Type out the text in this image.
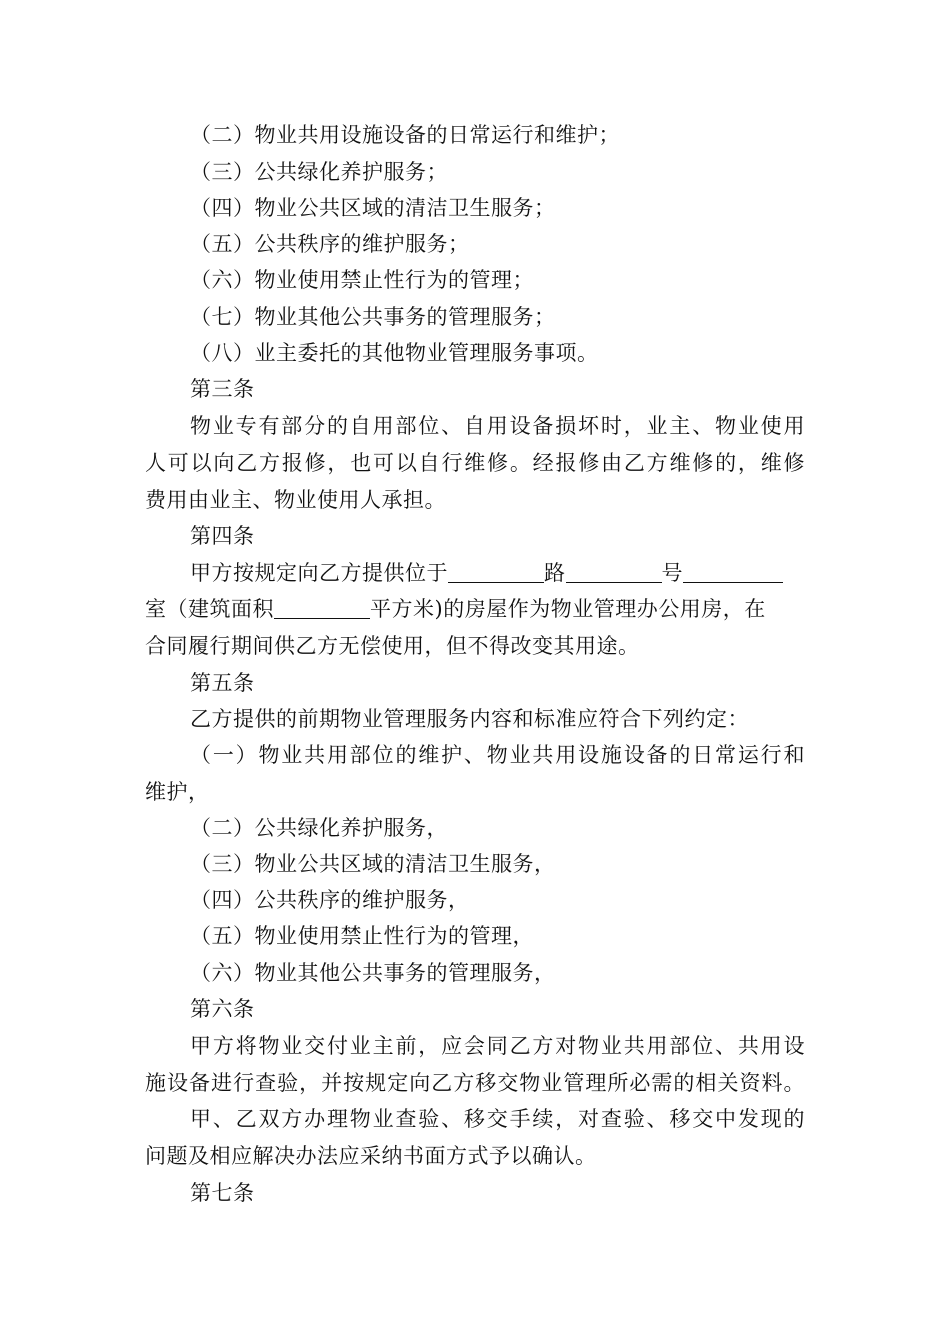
（二）物业共用设施设备的日常运行和维护；
（三）公共绿化养护服务；
（四）物业公共区域的清洁卫生服务；
（五）公共秩序的维护服务；
（六）物业使用禁止性行为的管理；
（七）物业其他公共事务的管理服务；
（八）业主委托的其他物业管理服务事项。
第三条
物业专有部分的自用部位、自用设备损坏时，业主、物业使用
人可以向乙方报修，也可以自行维修。经报修由乙方维修的，维修
费用由业主、物业使用人承担。
第四条
甲方按规定向乙方提供位于	路	号
室（建筑面积	平方米)的房屋作为物业管理办公用房，在
合同履行期间供乙方无偿使用，但不得改变其用途。
第五条
乙方提供的前期物业管理服务内容和标准应符合下列约定：
（一）物业共用部位的维护、物业共用设施设备的日常运行和
维护，
（二）公共绿化养护服务，
（三）物业公共区域的清洁卫生服务，
（四）公共秩序的维护服务，
（五）物业使用禁止性行为的管理，
（六）物业其他公共事务的管理服务，
第六条
甲方将物业交付业主前，应会同乙方对物业共用部位、共用设
施设备进行查验，并按规定向乙方移交物业管理所必需的相关资料。
甲、乙双方办理物业查验、移交手续，对查验、移交中发现的
问题及相应解决办法应采纳书面方式予以确认。
第七条
